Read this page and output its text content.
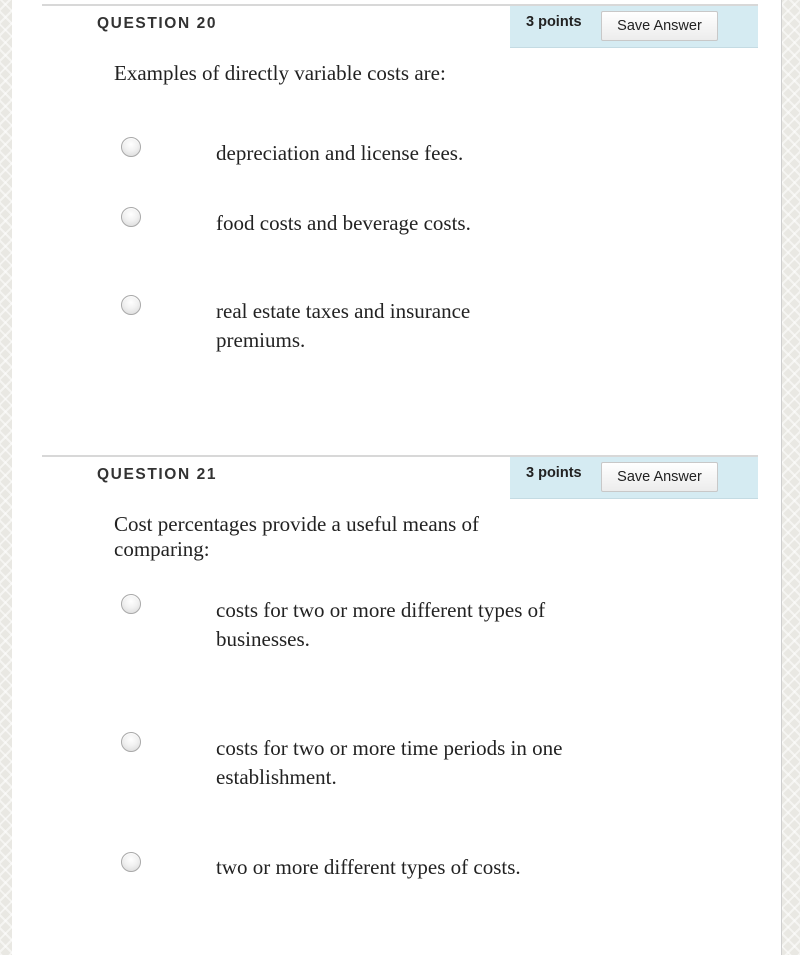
QUESTION 20	3 points	Save Answer
Examples of directly variable costs are:
depreciation and license fees.
food costs and beverage costs.
real estate taxes and insurance premiums.
QUESTION 21	3 points	Save Answer
Cost percentages provide a useful means of comparing:
costs for two or more different types of businesses.
costs for two or more time periods in one establishment.
two or more different types of costs.
